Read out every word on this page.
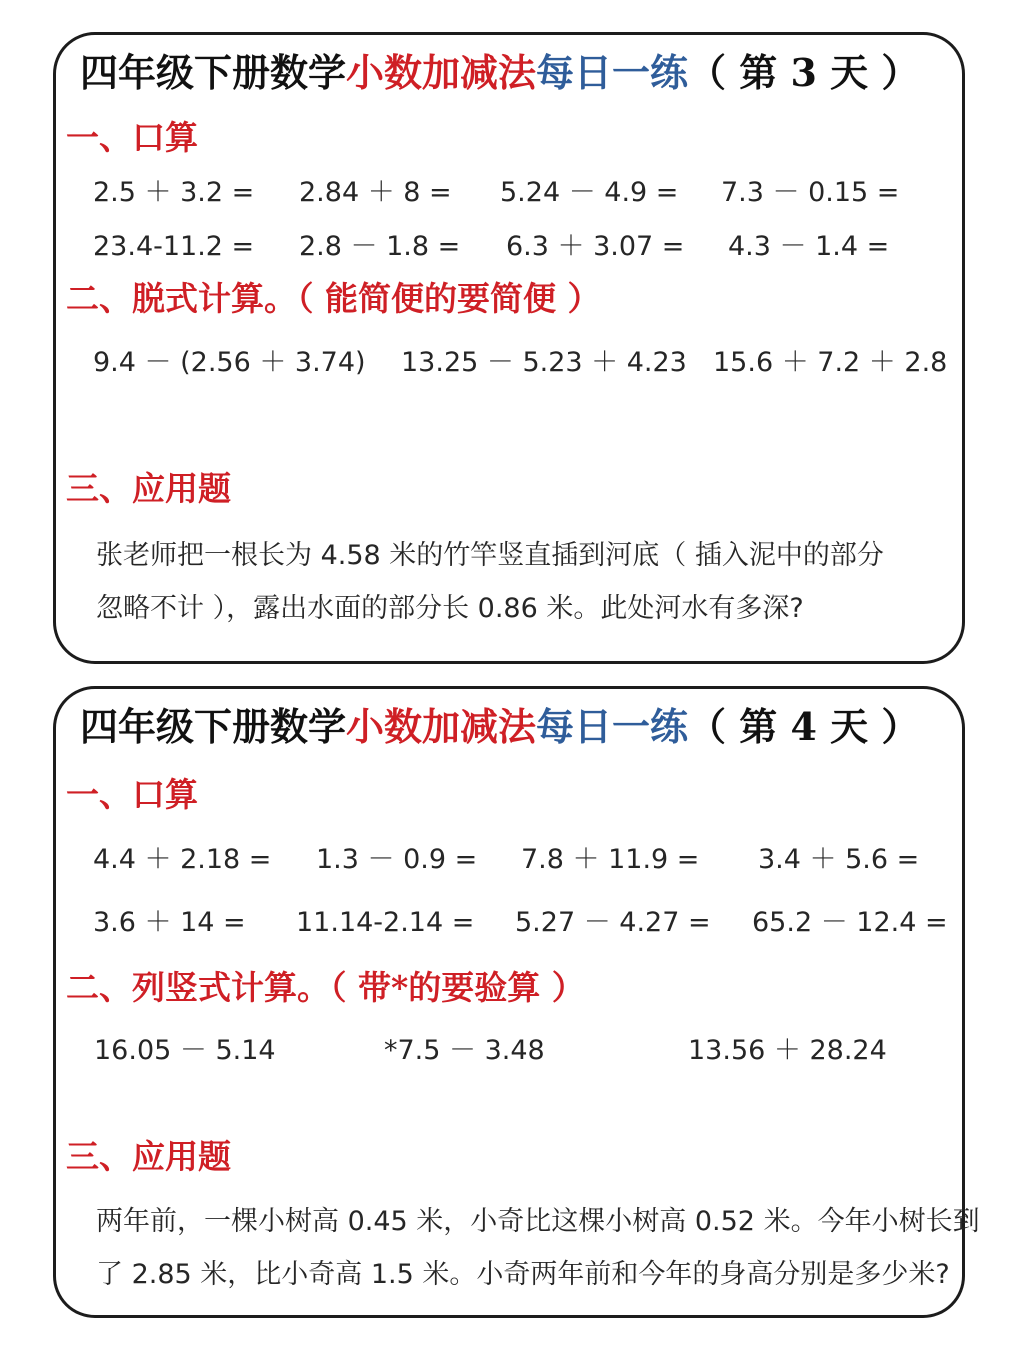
四年级下册数学小数加减法每日一练（ 第 3 天 ）
一、口算
2.5 ＋ 3.2 = 2.84 ＋ 8 = 5.24 － 4.9 = 7.3 － 0.15 =
23.4-11.2 = 2.8 － 1.8 = 6.3 ＋ 3.07 = 4.3 － 1.4 =
二、脱式计算。（ 能简便的要简便 ）
9.4 － (2.56 ＋ 3.74) 13.25 － 5.23 ＋ 4.23 15.6 ＋ 7.2 ＋ 2.8
三、应用题
张老师把一根长为 4.58 米的竹竿竖直插到河底（ 插入泥中的部分
忽略不计 ），露出水面的部分长 0.86 米。此处河水有多深?
四年级下册数学小数加减法每日一练（ 第 4 天 ）
一、口算
4.4 ＋ 2.18 = 1.3 － 0.9 = 7.8 ＋ 11.9 = 3.4 ＋ 5.6 =
3.6 ＋ 14 = 11.14-2.14 = 5.27 － 4.27 = 65.2 － 12.4 =
二、列竖式计算。（ 带*的要验算 ）
16.05 － 5.14	*7.5 － 3.48	13.56 ＋ 28.24
三、应用题
两年前，一棵小树高 0.45 米，小奇比这棵小树高 0.52 米。今年小树长到
了 2.85 米，比小奇高 1.5 米。小奇两年前和今年的身高分别是多少米?
